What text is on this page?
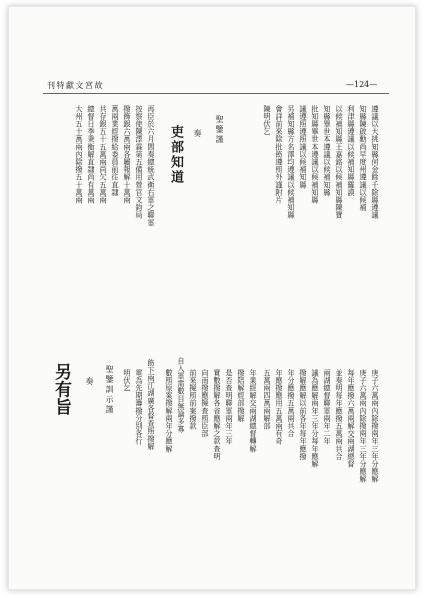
刊特獻文宮故	—124—
遵議以大挑知縣何金餘千除縣遵議
知縣陳啟勳尚早度州遵議以候補
利津縣遵議以候補知縣羅謨
以候補知縣王嘉銘以候補知縣陳寶
知縣畢世本遵議以候補知縣
批知縣畢世本遵議以候補知縣
議遵照遵照議以候補知縣
另補知縣方名澤均遵議以候補知縣
會詳前來除批飭遵照外謹附片
陳明伏乞
聖鑒謹
奏
吏部知道
再臣於六月間奏總統武衛右軍之聯軍
按察使陳澤霖第五備用營官文鈞局
撥飾銀六萬兩各屬報解十萬兩
萬兩業經撥給委員前往直隸
共存銀五十五萬兩尚欠五萬兩
總督日季秉衡解直隸尚有萬兩
大州五十萬兩內除撥五十萬兩
庚子六萬兩內除撥兩年三年分應解
庚子六萬兩內除撥兩年三年分應解
每年應撥六萬兩解交兩湖總督
並奏明每年應撥五萬兩共合
兩湖總督聯軍兩年二年
議為應解兩年三年分每年應解
撥解應解以前各年每年應撥
年分應撥五萬兩共合
年應撥應用五萬兩有奇
五萬兩四萬兩解部
年業經解交兩湖總督轉解
撥陪解經部撥解
是否查明聯軍兩年三年
實數撥解各省應解之款查明
向南撥應擬查照臣部
前來擬照前案撥款
自入軍需數目無論多寡
數照原案撥解兩年分應解
飭下兩江湖廣各督查照撥解
電為先期籌撥分別各行
明伏乞
聖鑒訓示謹
奏
另有旨
